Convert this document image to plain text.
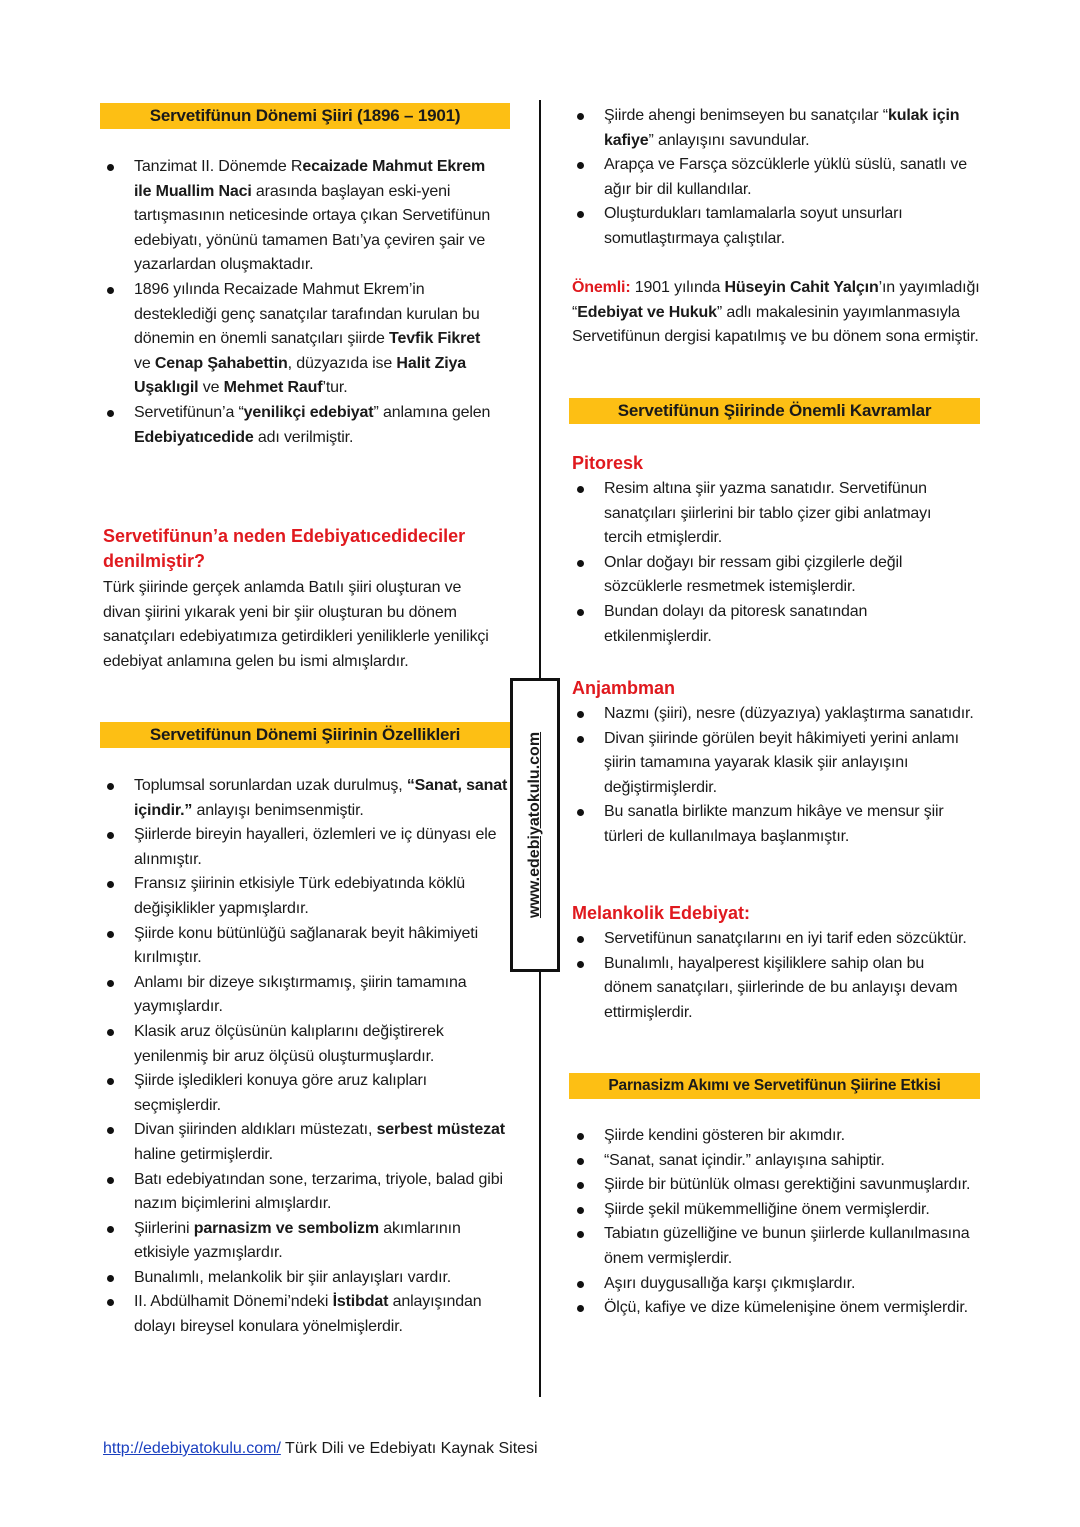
Servetifünun Dönemi Şiiri (1896 – 1901)
Tanzimat II. Dönemde Recaizade Mahmut Ekrem ile Muallim Naci arasında başlayan eski-yeni tartışmasının neticesinde ortaya çıkan Servetifünun edebiyatı, yönünü tamamen Batı’ya çeviren şair ve yazarlardan oluşmaktadır.
1896 yılında Recaizade Mahmut Ekrem’in desteklediği genç sanatçılar tarafından kurulan bu dönemin en önemli sanatçıları şiirde Tevfik Fikret ve Cenap Şahabettin, düzyazıda ise Halit Ziya Uşaklıgil ve Mehmet Rauf’tur.
Servetifünun’a “yenilikçi edebiyat” anlamına gelen Edebiyatıcedide adı verilmiştir.
Servetifünun’a neden Edebiyatıcedideciler denilmiştir?
Türk şiirinde gerçek anlamda Batılı şiiri oluşturan ve divan şiirini yıkarak yeni bir şiir oluşturan bu dönem sanatçıları edebiyatımıza getirdikleri yeniliklerle yenilikçi edebiyat anlamına gelen bu ismi almışlardır.
Servetifünun Dönemi Şiirinin Özellikleri
Toplumsal sorunlardan uzak durulmuş, “Sanat, sanat içindir.” anlayışı benimsenmiştir.
Şiirlerde bireyin hayalleri, özlemleri ve iç dünyası ele alınmıştır.
Fransız şiirinin etkisiyle Türk edebiyatında köklü değişiklikler yapmışlardır.
Şiirde konu bütünlüğü sağlanarak beyit hâkimiyeti kırılmıştır.
Anlamı bir dizeye sıkıştırmamış, şiirin tamamına yaymışlardır.
Klasik aruz ölçüsünün kalıplarını değiştirerek yenilenmiş bir aruz ölçüsü oluşturmuşlardır.
Şiirde işledikleri konuya göre aruz kalıpları seçmişlerdir.
Divan şiirinden aldıkları müstezatı, serbest müstezat haline getirmişlerdir.
Batı edebiyatından sone, terzarima, triyole, balad gibi nazım biçimlerini almışlardır.
Şiirlerini parnasizm ve sembolizm akımlarının etkisiyle yazmışlardır.
Bunalımlı, melankolik bir şiir anlayışları vardır.
II. Abdülhamit Dönemi’ndeki İstibdat anlayışından dolayı bireysel konulara yönelmişlerdir.
www.edebiyatokulu.com
Şiirde ahengi benimseyen bu sanatçılar “kulak için kafiye” anlayışını savundular.
Arapça ve Farsça sözcüklerle yüklü süslü, sanatlı ve ağır bir dil kullandılar.
Oluşturdukları tamlamalarla soyut unsurları somutlaştırmaya çalıştılar.
Önemli: 1901 yılında Hüseyin Cahit Yalçın’ın yayımladığı “Edebiyat ve Hukuk” adlı makalesinin yayımlanmasıyla Servetifünun dergisi kapatılmış ve bu dönem sona ermiştir.
Servetifünun Şiirinde Önemli Kavramlar
Pitoresk
Resim altına şiir yazma sanatıdır. Servetifünun sanatçıları şiirlerini bir tablo çizer gibi anlatmayı tercih etmişlerdir.
Onlar doğayı bir ressam gibi çizgilerle değil sözcüklerle resmetmek istemişlerdir.
Bundan dolayı da pitoresk sanatından etkilenmişlerdir.
Anjambman
Nazmı (şiiri), nesre (düzyazıya) yaklaştırma sanatıdır.
Divan şiirinde görülen beyit hâkimiyeti yerini anlamı şiirin tamamına yayarak klasik şiir anlayışını değiştirmişlerdir.
Bu sanatla birlikte manzum hikâye ve mensur şiir türleri de kullanılmaya başlanmıştır.
Melankolik Edebiyat:
Servetifünun sanatçılarını en iyi tarif eden sözcüktür.
Bunalımlı, hayalperest kişiliklere sahip olan bu dönem sanatçıları, şiirlerinde de bu anlayışı devam ettirmişlerdir.
Parnasizm Akımı ve Servetifünun Şiirine Etkisi
Şiirde kendini gösteren bir akımdır.
“Sanat, sanat içindir.” anlayışına sahiptir.
Şiirde bir bütünlük olması gerektiğini savunmuşlardır.
Şiirde şekil mükemmelliğine önem vermişlerdir.
Tabiatın güzelliğine ve bunun şiirlerde kullanılmasına önem vermişlerdir.
Aşırı duygusallığa karşı çıkmışlardır.
Ölçü, kafiye ve dize kümelenişine önem vermişlerdir.
http://edebiyatokulu.com/ Türk Dili ve Edebiyatı Kaynak Sitesi
